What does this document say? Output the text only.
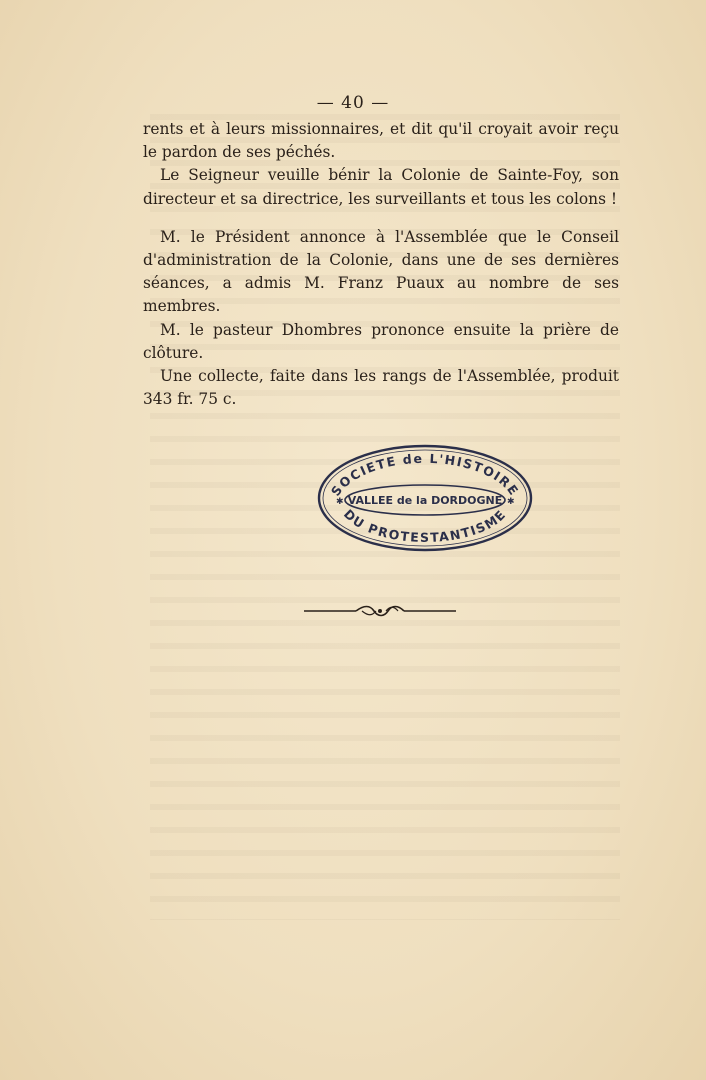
— 40 —

rents et à leurs missionnaires, et dit qu'il croyait avoir reçu le pardon de ses péchés.

Le Seigneur veuille bénir la Colonie de Sainte-Foy, son directeur et sa directrice, les surveillants et tous les colons !

M. le Président annonce à l'Assemblée que le Conseil d'administration de la Colonie, dans une de ses dernières séances, a admis M. Franz Puaux au nombre de ses membres.

M. le pasteur Dhombres prononce ensuite la prière de clôture.

Une collecte, faite dans les rangs de l'Assemblée, produit 343 fr. 75 c.

SOCIETE de L'HISTOIRE
VALLEE de la DORDOGNE
DU PROTESTANTISME
✱	✱
